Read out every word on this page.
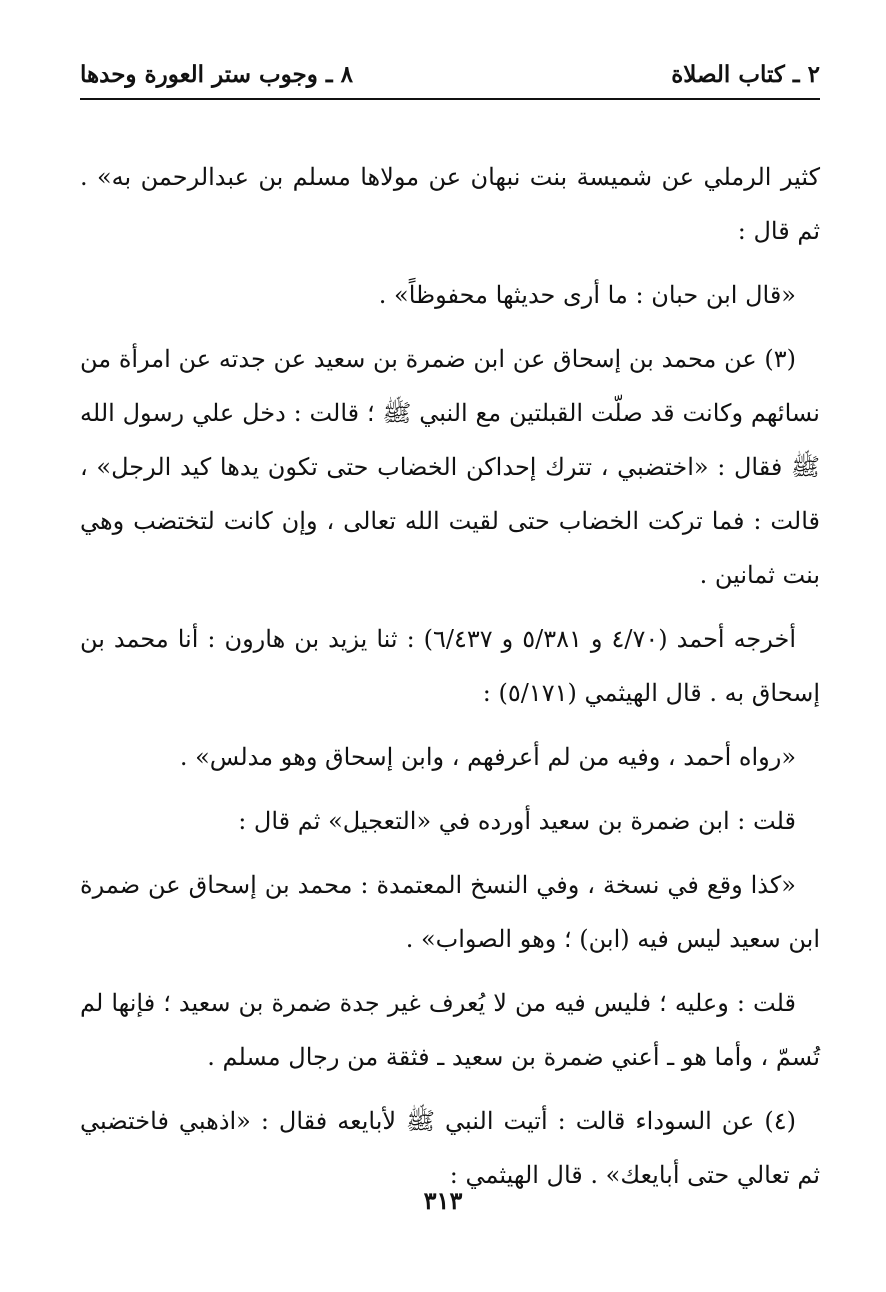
٢ ـ كتاب الصلاة
٨ ـ وجوب ستر العورة وحدها

كثير الرملي عن شميسة بنت نبهان عن مولاها مسلم بن عبدالرحمن به» . ثم قال :

«قال ابن حبان : ما أرى حديثها محفوظاً» .

(٣) عن محمد بن إسحاق عن ابن ضمرة بن سعيد عن جدته عن امرأة من نسائهم وكانت قد صلّت القبلتين مع النبي ﷺ ؛ قالت : دخل علي رسول الله ﷺ فقال : «اختضبي ، تترك إحداكن الخضاب حتى تكون يدها كيد الرجل» ، قالت : فما تركت الخضاب حتى لقيت الله تعالى ، وإن كانت لتختضب وهي بنت ثمانين .

أخرجه أحمد (٤/٧٠ و ٥/٣٨١ و ٦/٤٣٧) : ثنا يزيد بن هارون : أنا محمد بن إسحاق به . قال الهيثمي (٥/١٧١) :

«رواه أحمد ، وفيه من لم أعرفهم ، وابن إسحاق وهو مدلس» .

قلت : ابن ضمرة بن سعيد أورده في «التعجيل» ثم قال :

«كذا وقع في نسخة ، وفي النسخ المعتمدة : محمد بن إسحاق عن ضمرة ابن سعيد ليس فيه (ابن) ؛ وهو الصواب» .

قلت : وعليه ؛ فليس فيه من لا يُعرف غير جدة ضمرة بن سعيد ؛ فإنها لم تُسمّ ، وأما هو ـ أعني ضمرة بن سعيد ـ فثقة من رجال مسلم .

(٤) عن السوداء قالت : أتيت النبي ﷺ لأبايعه فقال : «اذهبي فاختضبي ثم تعالي حتى أبايعك» . قال الهيثمي :

٣١٣
